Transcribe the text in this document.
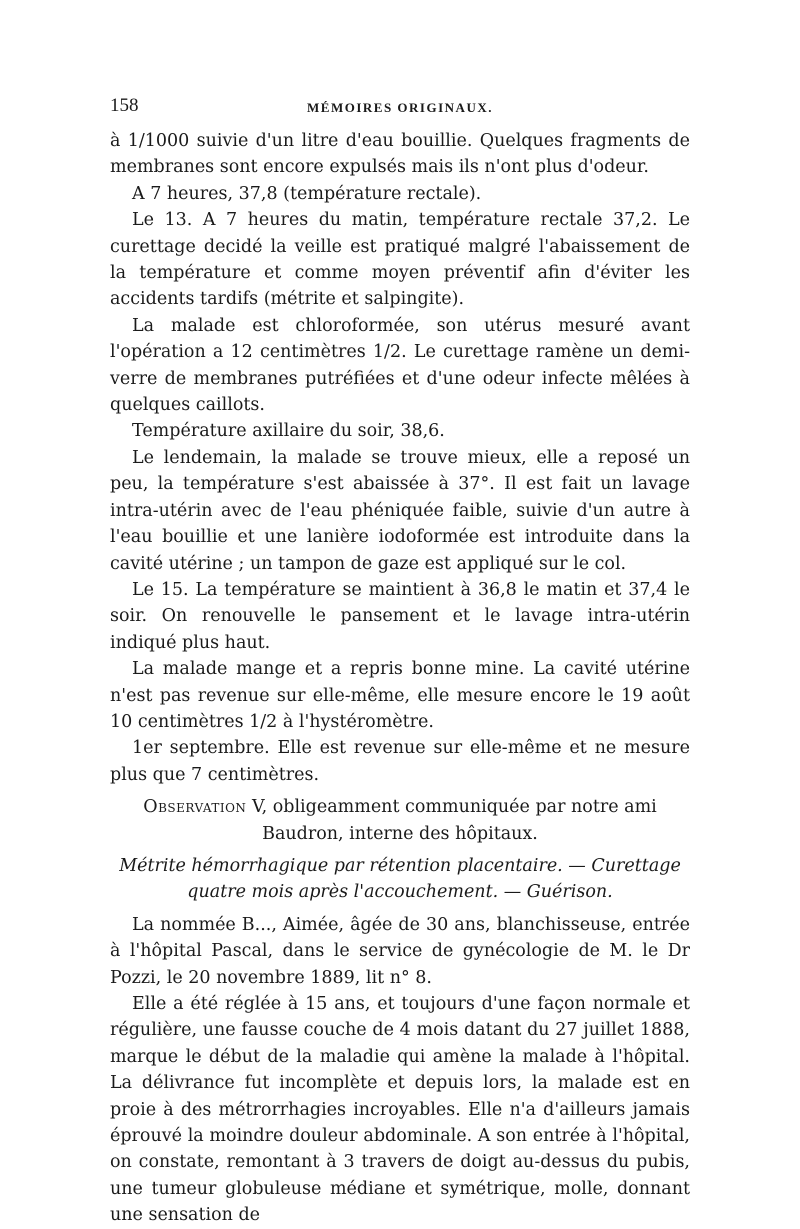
158	MÉMOIRES ORIGINAUX.

à 1/1000 suivie d'un litre d'eau bouillie. Quelques fragments de membranes sont encore expulsés mais ils n'ont plus d'odeur.

A 7 heures, 37,8 (température rectale).

Le 13. A 7 heures du matin, température rectale 37,2. Le curettage decidé la veille est pratiqué malgré l'abaissement de la température et comme moyen préventif afin d'éviter les accidents tardifs (métrite et salpingite).

La malade est chloroformée, son utérus mesuré avant l'opération a 12 centimètres 1/2. Le curettage ramène un demi-verre de membranes putréfiées et d'une odeur infecte mêlées à quelques caillots.

Température axillaire du soir, 38,6.

Le lendemain, la malade se trouve mieux, elle a reposé un peu, la température s'est abaissée à 37°. Il est fait un lavage intra-utérin avec de l'eau phéniquée faible, suivie d'un autre à l'eau bouillie et une lanière iodoformée est introduite dans la cavité utérine ; un tampon de gaze est appliqué sur le col.

Le 15. La température se maintient à 36,8 le matin et 37,4 le soir. On renouvelle le pansement et le lavage intra-utérin indiqué plus haut.

La malade mange et a repris bonne mine. La cavité utérine n'est pas revenue sur elle-même, elle mesure encore le 19 août 10 centimètres 1/2 à l'hystéromètre.

1er septembre. Elle est revenue sur elle-même et ne mesure plus que 7 centimètres.

Observation V, obligeamment communiquée par notre ami
Baudron, interne des hôpitaux.
Métrite hémorrhagique par rétention placentaire. — Curettage
quatre mois après l'accouchement. — Guérison.

La nommée B..., Aimée, âgée de 30 ans, blanchisseuse, entrée à l'hôpital Pascal, dans le service de gynécologie de M. le Dr Pozzi, le 20 novembre 1889, lit n° 8.

Elle a été réglée à 15 ans, et toujours d'une façon normale et régulière, une fausse couche de 4 mois datant du 27 juillet 1888, marque le début de la maladie qui amène la malade à l'hôpital. La délivrance fut incomplète et depuis lors, la malade est en proie à des métrorrhagies incroyables. Elle n'a d'ailleurs jamais éprouvé la moindre douleur abdominale. A son entrée à l'hôpital, on constate, remontant à 3 travers de doigt au-dessus du pubis, une tumeur globuleuse médiane et symétrique, molle, donnant une sensation de
